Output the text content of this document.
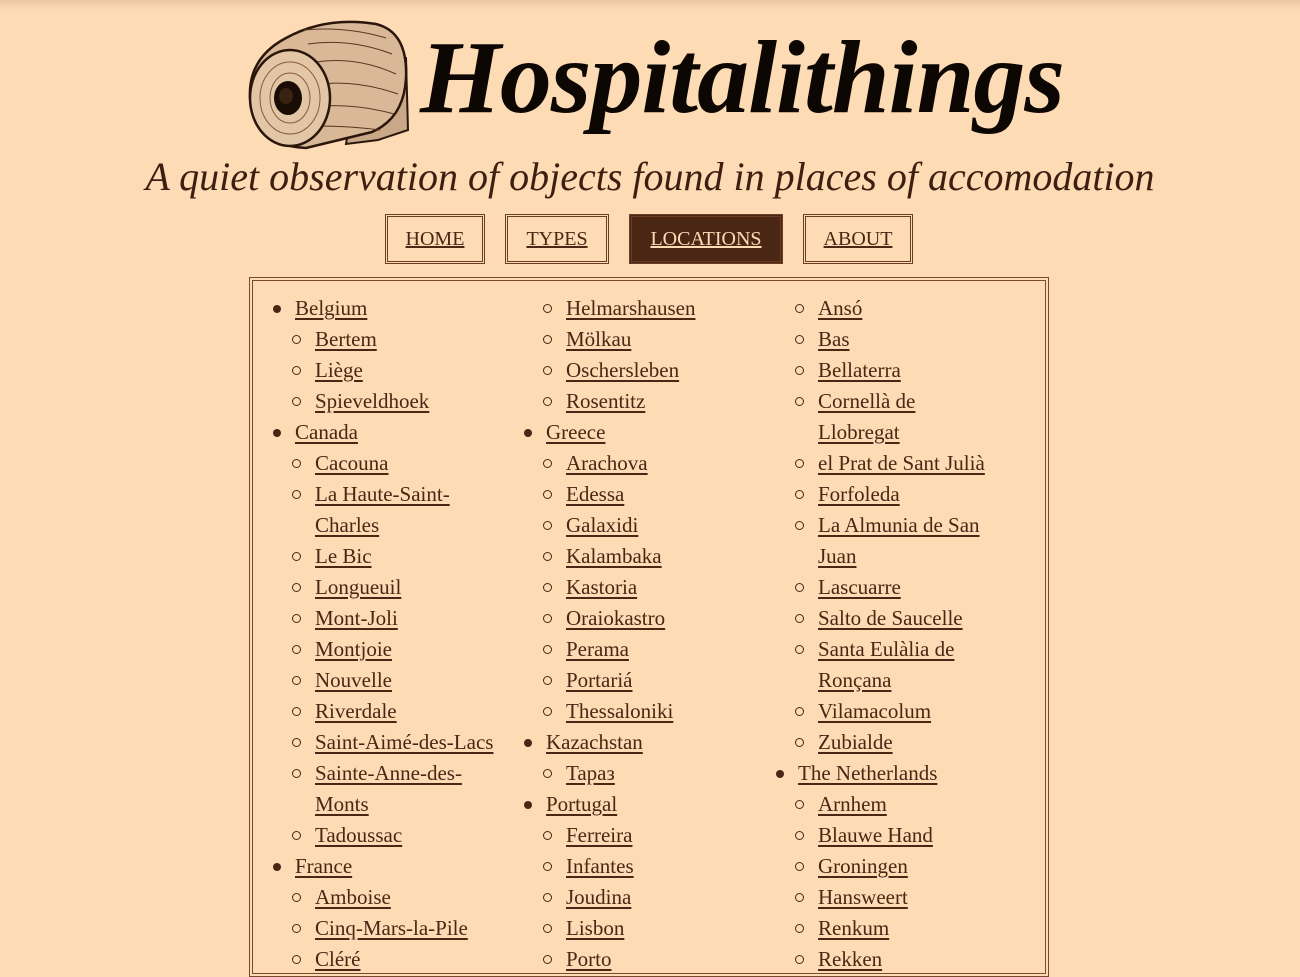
Hospitalithings
A quiet observation of objects found in places of accomodation
HOME	TYPES	LOCATIONS	ABOUT
Belgium
Bertem
Liège
Spieveldhoek
Canada
Cacouna
La Haute-Saint-
Charles
Le Bic
Longueuil
Mont-Joli
Montjoie
Nouvelle
Riverdale
Saint-Aimé-des-Lacs
Sainte-Anne-des-
Monts
Tadoussac
France
Amboise
Cinq-Mars-la-Pile
Cléré
Helmarshausen
Mölkau
Oschersleben
Rosentitz
Greece
Arachova
Edessa
Galaxidi
Kalambaka
Kastoria
Oraiokastro
Perama
Portariá
Thessaloniki
Kazachstan
Tapaз
Portugal
Ferreira
Infantes
Joudina
Lisbon
Porto
Ansó
Bas
Bellaterra
Cornellà de
Llobregat
el Prat de Sant Julià
Forfoleda
La Almunia de San
Juan
Lascuarre
Salto de Saucelle
Santa Eulàlia de
Ronçana
Vilamacolum
Zubialde
The Netherlands
Arnhem
Blauwe Hand
Groningen
Hansweert
Renkum
Rekken
